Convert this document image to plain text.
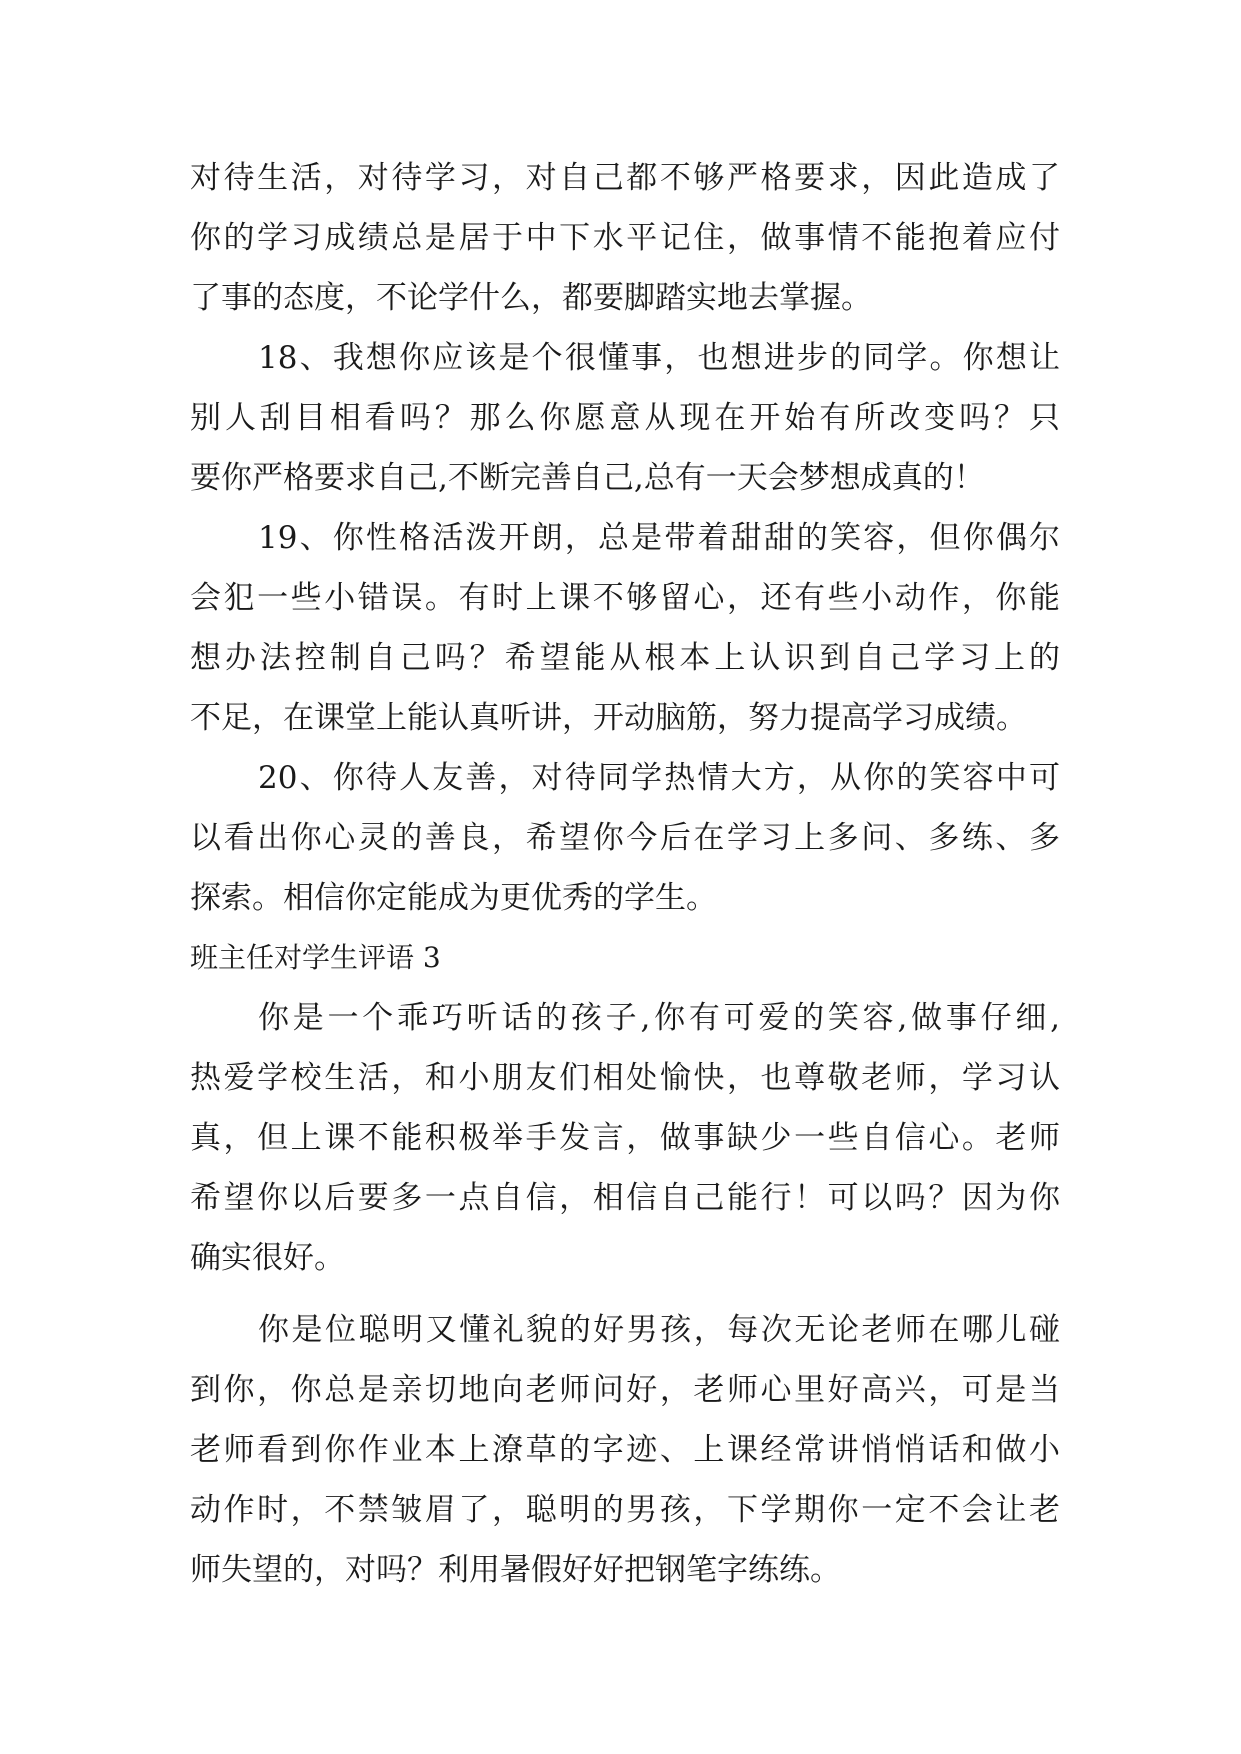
对待生活，对待学习，对自己都不够严格要求，因此造成了
你的学习成绩总是居于中下水平记住，做事情不能抱着应付
了事的态度，不论学什么，都要脚踏实地去掌握。
18、我想你应该是个很懂事，也想进步的同学。你想让
别人刮目相看吗？那么你愿意从现在开始有所改变吗？只
要你严格要求自己,不断完善自己,总有一天会梦想成真的！
19、你性格活泼开朗，总是带着甜甜的笑容，但你偶尔
会犯一些小错误。有时上课不够留心，还有些小动作，你能
想办法控制自己吗？希望能从根本上认识到自己学习上的
不足，在课堂上能认真听讲，开动脑筋，努力提高学习成绩。
20、你待人友善，对待同学热情大方，从你的笑容中可
以看出你心灵的善良，希望你今后在学习上多问、多练、多
探索。相信你定能成为更优秀的学生。
班主任对学生评语 3
你是一个乖巧听话的孩子,你有可爱的笑容,做事仔细,
热爱学校生活，和小朋友们相处愉快，也尊敬老师，学习认
真，但上课不能积极举手发言，做事缺少一些自信心。老师
希望你以后要多一点自信，相信自己能行！可以吗？因为你
确实很好。
你是位聪明又懂礼貌的好男孩，每次无论老师在哪儿碰
到你，你总是亲切地向老师问好，老师心里好高兴，可是当
老师看到你作业本上潦草的字迹、上课经常讲悄悄话和做小
动作时，不禁皱眉了，聪明的男孩，下学期你一定不会让老
师失望的，对吗？利用暑假好好把钢笔字练练。
